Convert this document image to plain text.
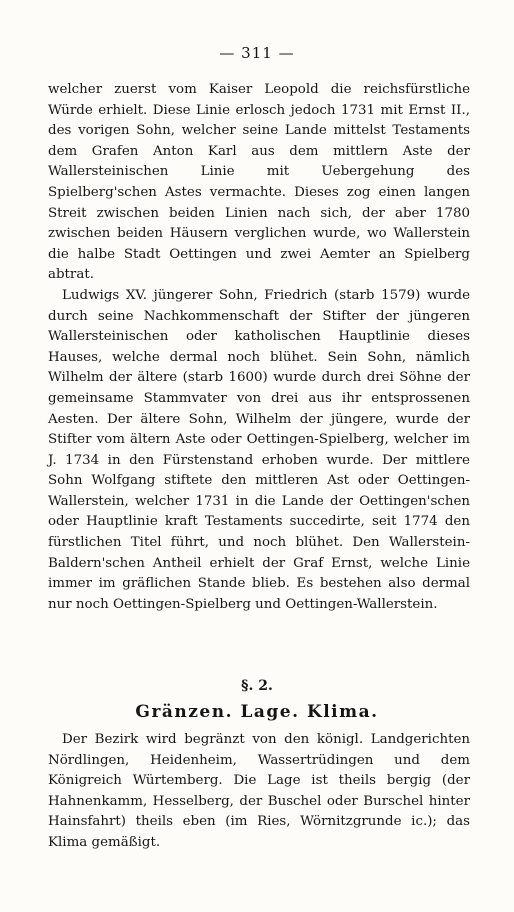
— 311 —

welcher zuerst vom Kaiser Leopold die reichsfürstliche Würde erhielt. Diese Linie erlosch jedoch 1731 mit Ernst II., des vorigen Sohn, welcher seine Lande mittelst Testaments dem Grafen Anton Karl aus dem mittlern Aste der Wallersteinischen Linie mit Uebergehung des Spielberg'schen Astes vermachte. Dieses zog einen langen Streit zwischen beiden Linien nach sich, der aber 1780 zwischen beiden Häusern verglichen wurde, wo Wallerstein die halbe Stadt Oettingen und zwei Aemter an Spielberg abtrat.

Ludwigs XV. jüngerer Sohn, Friedrich (starb 1579) wurde durch seine Nachkommenschaft der Stifter der jüngeren Wallersteinischen oder katholischen Hauptlinie dieses Hauses, welche dermal noch blühet. Sein Sohn, nämlich Wilhelm der ältere (starb 1600) wurde durch drei Söhne der gemeinsame Stammvater von drei aus ihr entsprossenen Aesten. Der ältere Sohn, Wilhelm der jüngere, wurde der Stifter vom ältern Aste oder Oettingen-Spielberg, welcher im J. 1734 in den Fürstenstand erhoben wurde. Der mittlere Sohn Wolfgang stiftete den mittleren Ast oder Oettingen-Wallerstein, welcher 1731 in die Lande der Oettingen'schen oder Hauptlinie kraft Testaments succedirte, seit 1774 den fürstlichen Titel führt, und noch blühet. Den Wallerstein-Baldern'schen Antheil erhielt der Graf Ernst, welche Linie immer im gräflichen Stande blieb. Es bestehen also dermal nur noch Oettingen-Spielberg und Oettingen-Wallerstein.

§. 2.
Gränzen. Lage. Klima.

Der Bezirk wird begränzt von den königl. Landgerichten Nördlingen, Heidenheim, Wassertrüdingen und dem Königreich Würtemberg. Die Lage ist theils bergig (der Hahnenkamm, Hesselberg, der Buschel oder Burschel hinter Hainsfahrt) theils eben (im Ries, Wörnitzgrunde ic.); das Klima gemäßigt.
